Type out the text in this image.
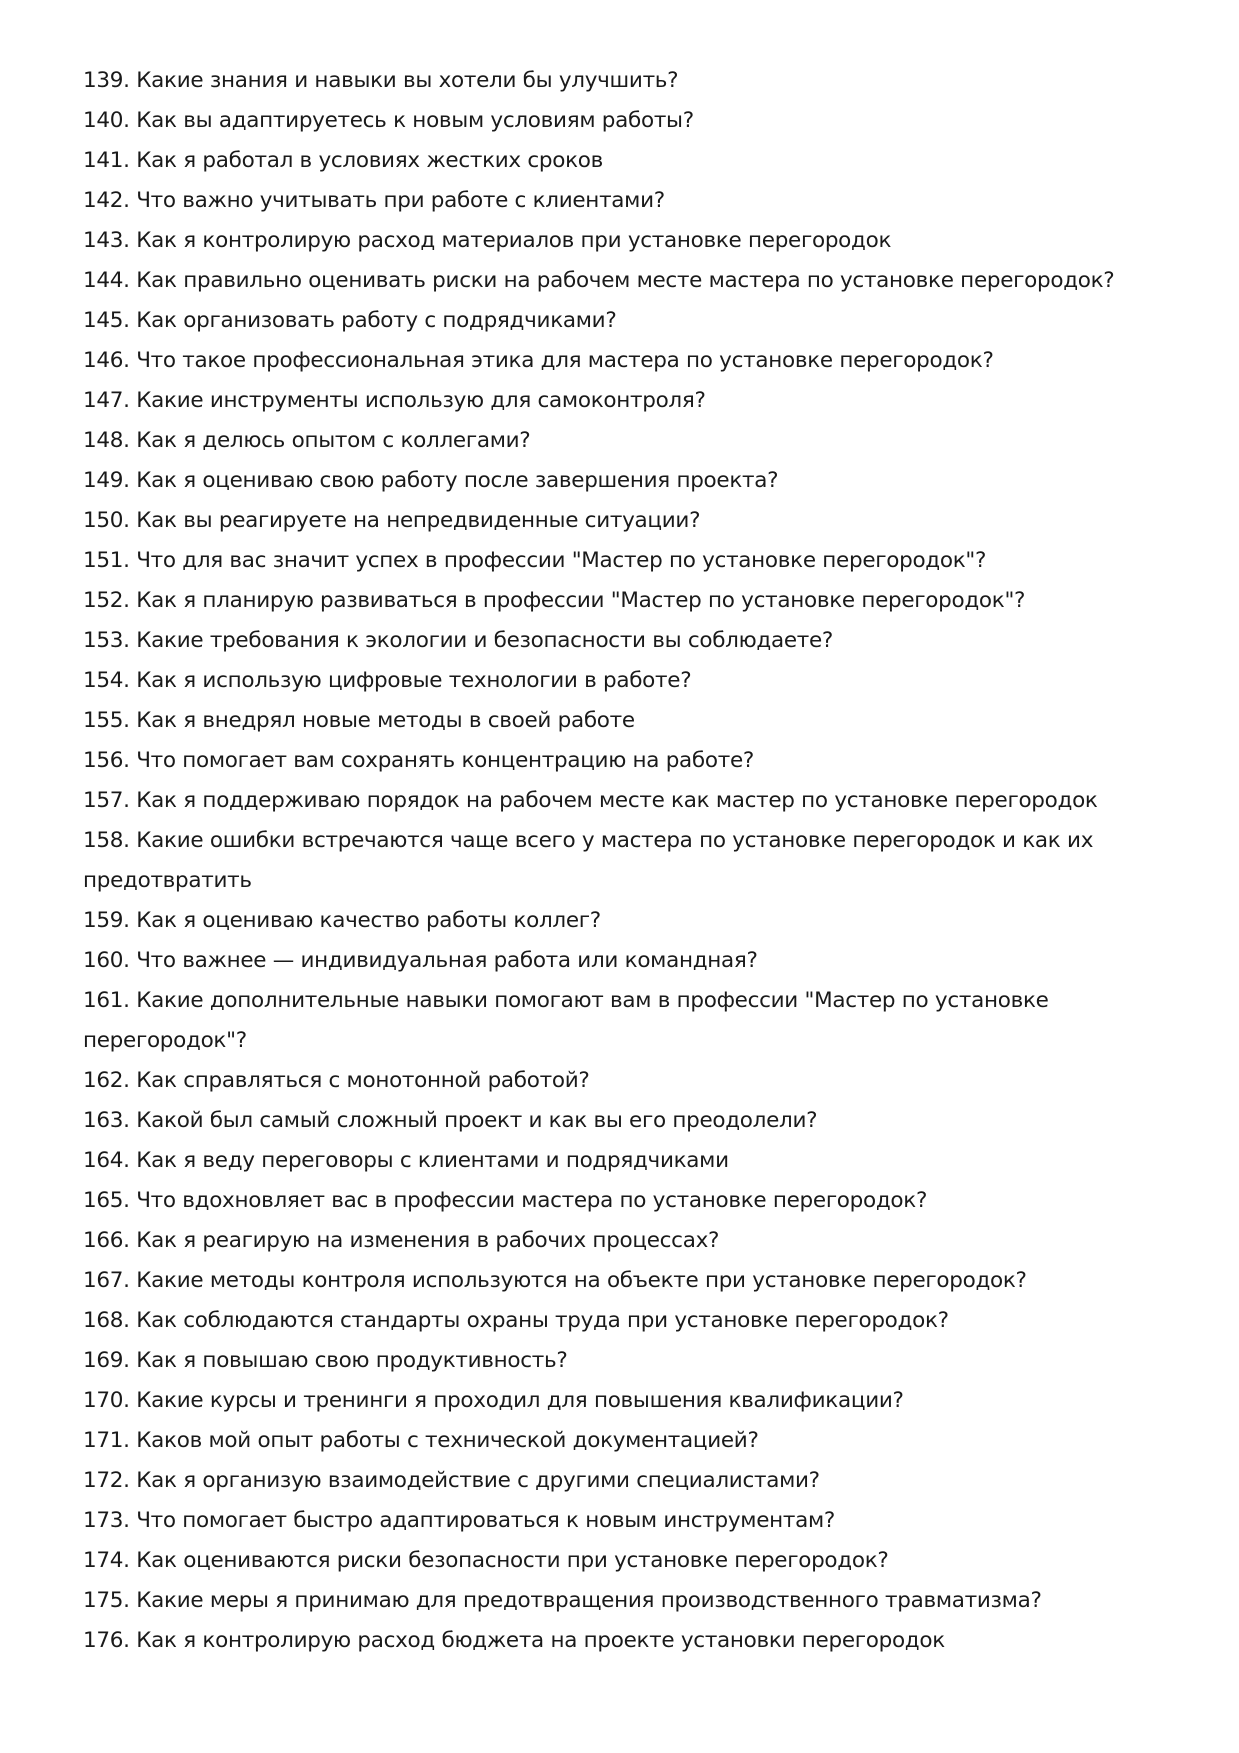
139. Какие знания и навыки вы хотели бы улучшить?
140. Как вы адаптируетесь к новым условиям работы?
141. Как я работал в условиях жестких сроков
142. Что важно учитывать при работе с клиентами?
143. Как я контролирую расход материалов при установке перегородок
144. Как правильно оценивать риски на рабочем месте мастера по установке перегородок?
145. Как организовать работу с подрядчиками?
146. Что такое профессиональная этика для мастера по установке перегородок?
147. Какие инструменты использую для самоконтроля?
148. Как я делюсь опытом с коллегами?
149. Как я оцениваю свою работу после завершения проекта?
150. Как вы реагируете на непредвиденные ситуации?
151. Что для вас значит успех в профессии "Мастер по установке перегородок"?
152. Как я планирую развиваться в профессии "Мастер по установке перегородок"?
153. Какие требования к экологии и безопасности вы соблюдаете?
154. Как я использую цифровые технологии в работе?
155. Как я внедрял новые методы в своей работе
156. Что помогает вам сохранять концентрацию на работе?
157. Как я поддерживаю порядок на рабочем месте как мастер по установке перегородок
158. Какие ошибки встречаются чаще всего у мастера по установке перегородок и как их предотвратить
159. Как я оцениваю качество работы коллег?
160. Что важнее — индивидуальная работа или командная?
161. Какие дополнительные навыки помогают вам в профессии "Мастер по установке перегородок"?
162. Как справляться с монотонной работой?
163. Какой был самый сложный проект и как вы его преодолели?
164. Как я веду переговоры с клиентами и подрядчиками
165. Что вдохновляет вас в профессии мастера по установке перегородок?
166. Как я реагирую на изменения в рабочих процессах?
167. Какие методы контроля используются на объекте при установке перегородок?
168. Как соблюдаются стандарты охраны труда при установке перегородок?
169. Как я повышаю свою продуктивность?
170. Какие курсы и тренинги я проходил для повышения квалификации?
171. Каков мой опыт работы с технической документацией?
172. Как я организую взаимодействие с другими специалистами?
173. Что помогает быстро адаптироваться к новым инструментам?
174. Как оцениваются риски безопасности при установке перегородок?
175. Какие меры я принимаю для предотвращения производственного травматизма?
176. Как я контролирую расход бюджета на проекте установки перегородок
